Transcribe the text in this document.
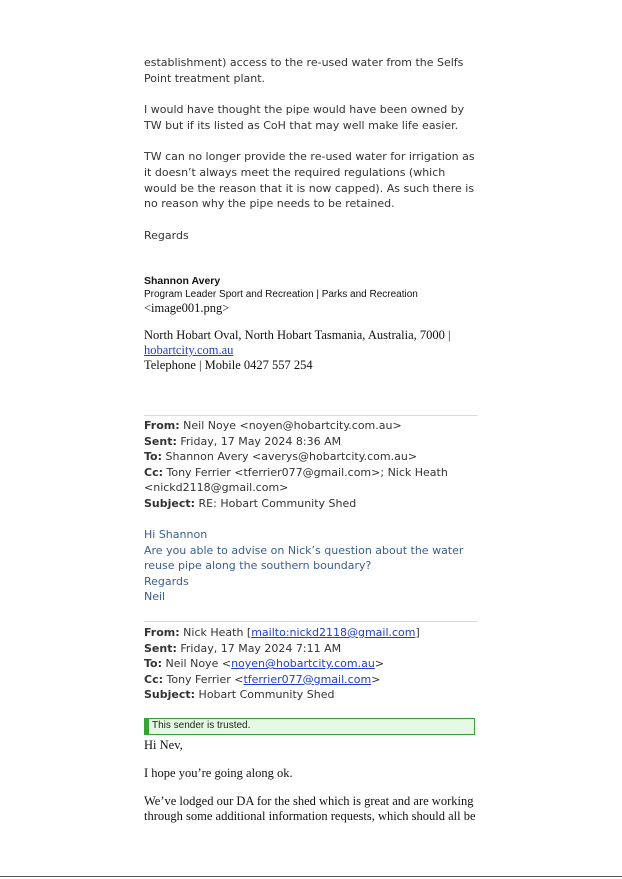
establishment) access to the re-used water from the Selfs Point treatment plant.

I would have thought the pipe would have been owned by TW but if its listed as CoH that may well make life easier.

TW can no longer provide the re-used water for irrigation as it doesn’t always meet the required regulations (which would be the reason that it is now capped). As such there is no reason why the pipe needs to be retained.

Regards

Shannon Avery
Program Leader Sport and Recreation | Parks and Recreation
<image001.png>
North Hobart Oval, North Hobart Tasmania, Australia, 7000 |
hobartcity.com.au
Telephone | Mobile 0427 557 254
From: Neil Noye <noyen@hobartcity.com.au>
Sent: Friday, 17 May 2024 8:36 AM
To: Shannon Avery <averys@hobartcity.com.au>
Cc: Tony Ferrier <tferrier077@gmail.com>; Nick Heath
<nickd2118@gmail.com>
Subject: RE: Hobart Community Shed
Hi Shannon
Are you able to advise on Nick’s question about the water reuse pipe along the southern boundary?
Regards
Neil
From: Nick Heath [mailto:nickd2118@gmail.com]
Sent: Friday, 17 May 2024 7:11 AM
To: Neil Noye <noyen@hobartcity.com.au>
Cc: Tony Ferrier <tferrier077@gmail.com>
Subject: Hobart Community Shed
This sender is trusted.
Hi Nev,
I hope you’re going along ok.
We’ve lodged our DA for the shed which is great and are working through some additional information requests, which should all be
